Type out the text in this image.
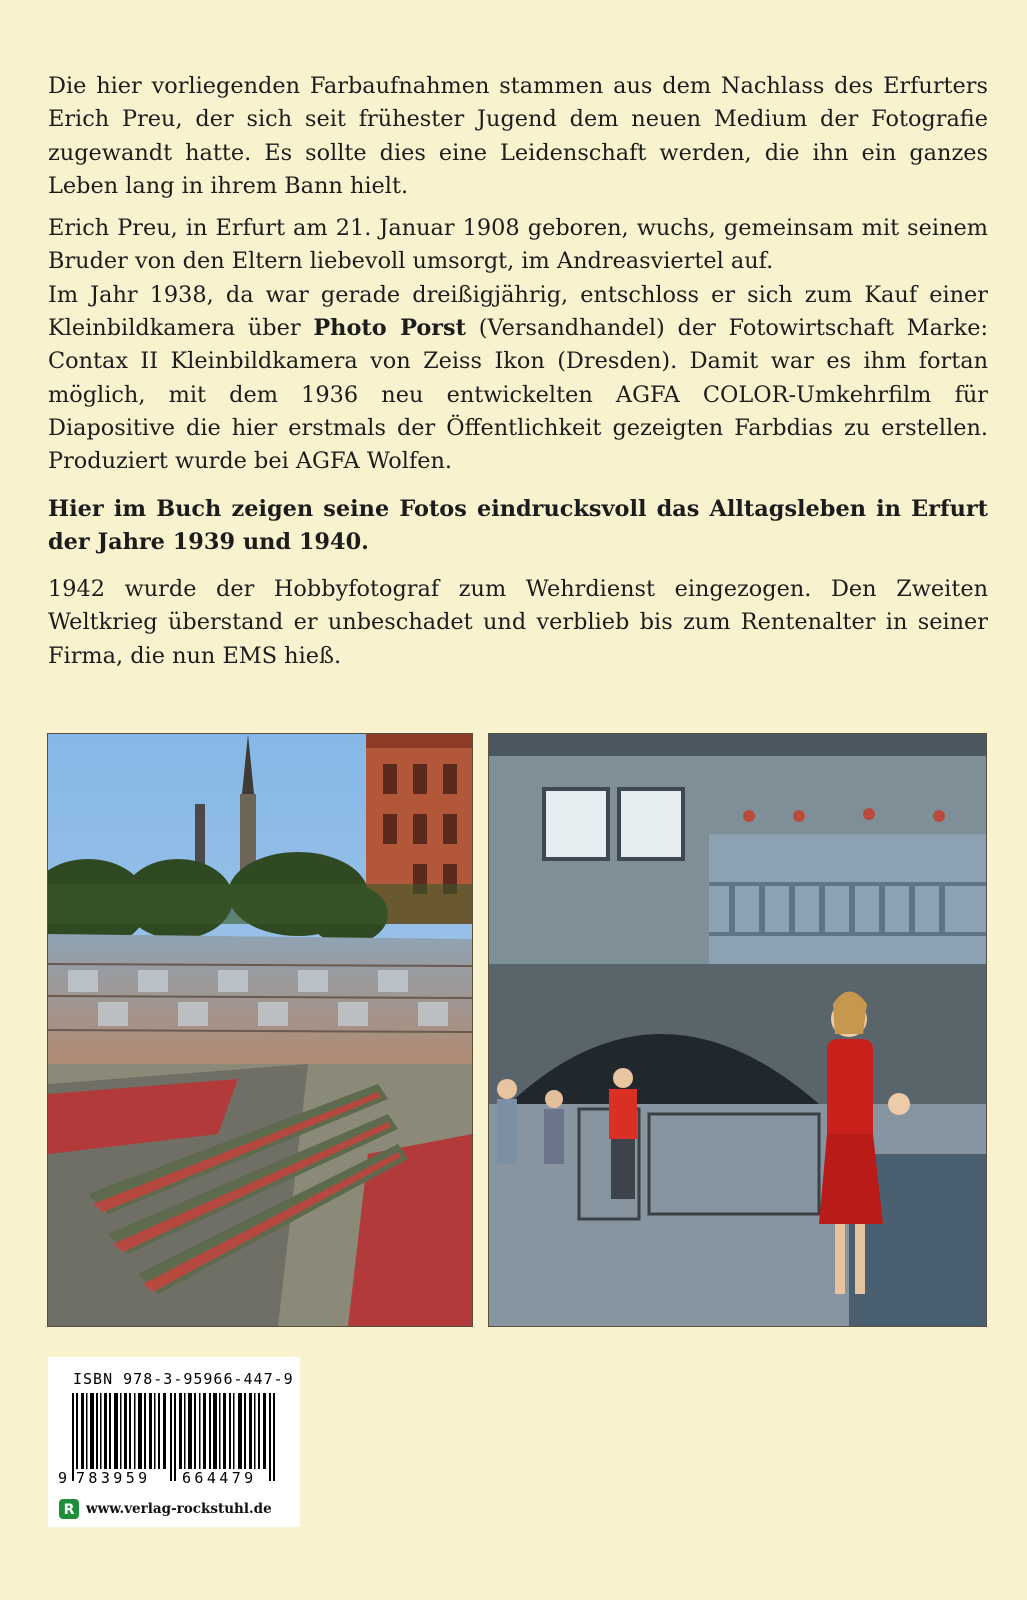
Die hier vorliegenden Farbaufnahmen stammen aus dem Nachlass des Erfurters Erich Preu, der sich seit frühester Jugend dem neuen Medium der Fotografie zugewandt hatte. Es sollte dies eine Leidenschaft werden, die ihn ein ganzes Leben lang in ihrem Bann hielt.

Erich Preu, in Erfurt am 21. Januar 1908 geboren, wuchs, gemeinsam mit seinem Bruder von den Eltern liebevoll umsorgt, im Andreasviertel auf.

Im Jahr 1938, da war gerade dreißigjährig, entschloss er sich zum Kauf einer Kleinbildkamera über Photo Porst (Versandhandel) der Fotowirtschaft Marke: Contax II Kleinbildkamera von Zeiss Ikon (Dresden). Damit war es ihm fortan möglich, mit dem 1936 neu entwickelten AGFA COLOR-Umkehrfilm für Diapositive die hier erstmals der Öffentlichkeit gezeigten Farbdias zu erstellen. Produziert wurde bei AGFA Wolfen.

Hier im Buch zeigen seine Fotos eindrucksvoll das Alltagsleben in Erfurt der Jahre 1939 und 1940.

1942 wurde der Hobbyfotograf zum Wehrdienst eingezogen. Den Zweiten Weltkrieg überstand er unbeschadet und verblieb bis zum Rentenalter in seiner Firma, die nun EMS hieß.

ISBN 978-3-95966-447-9
9 783959 664479
R www.verlag-rockstuhl.de
